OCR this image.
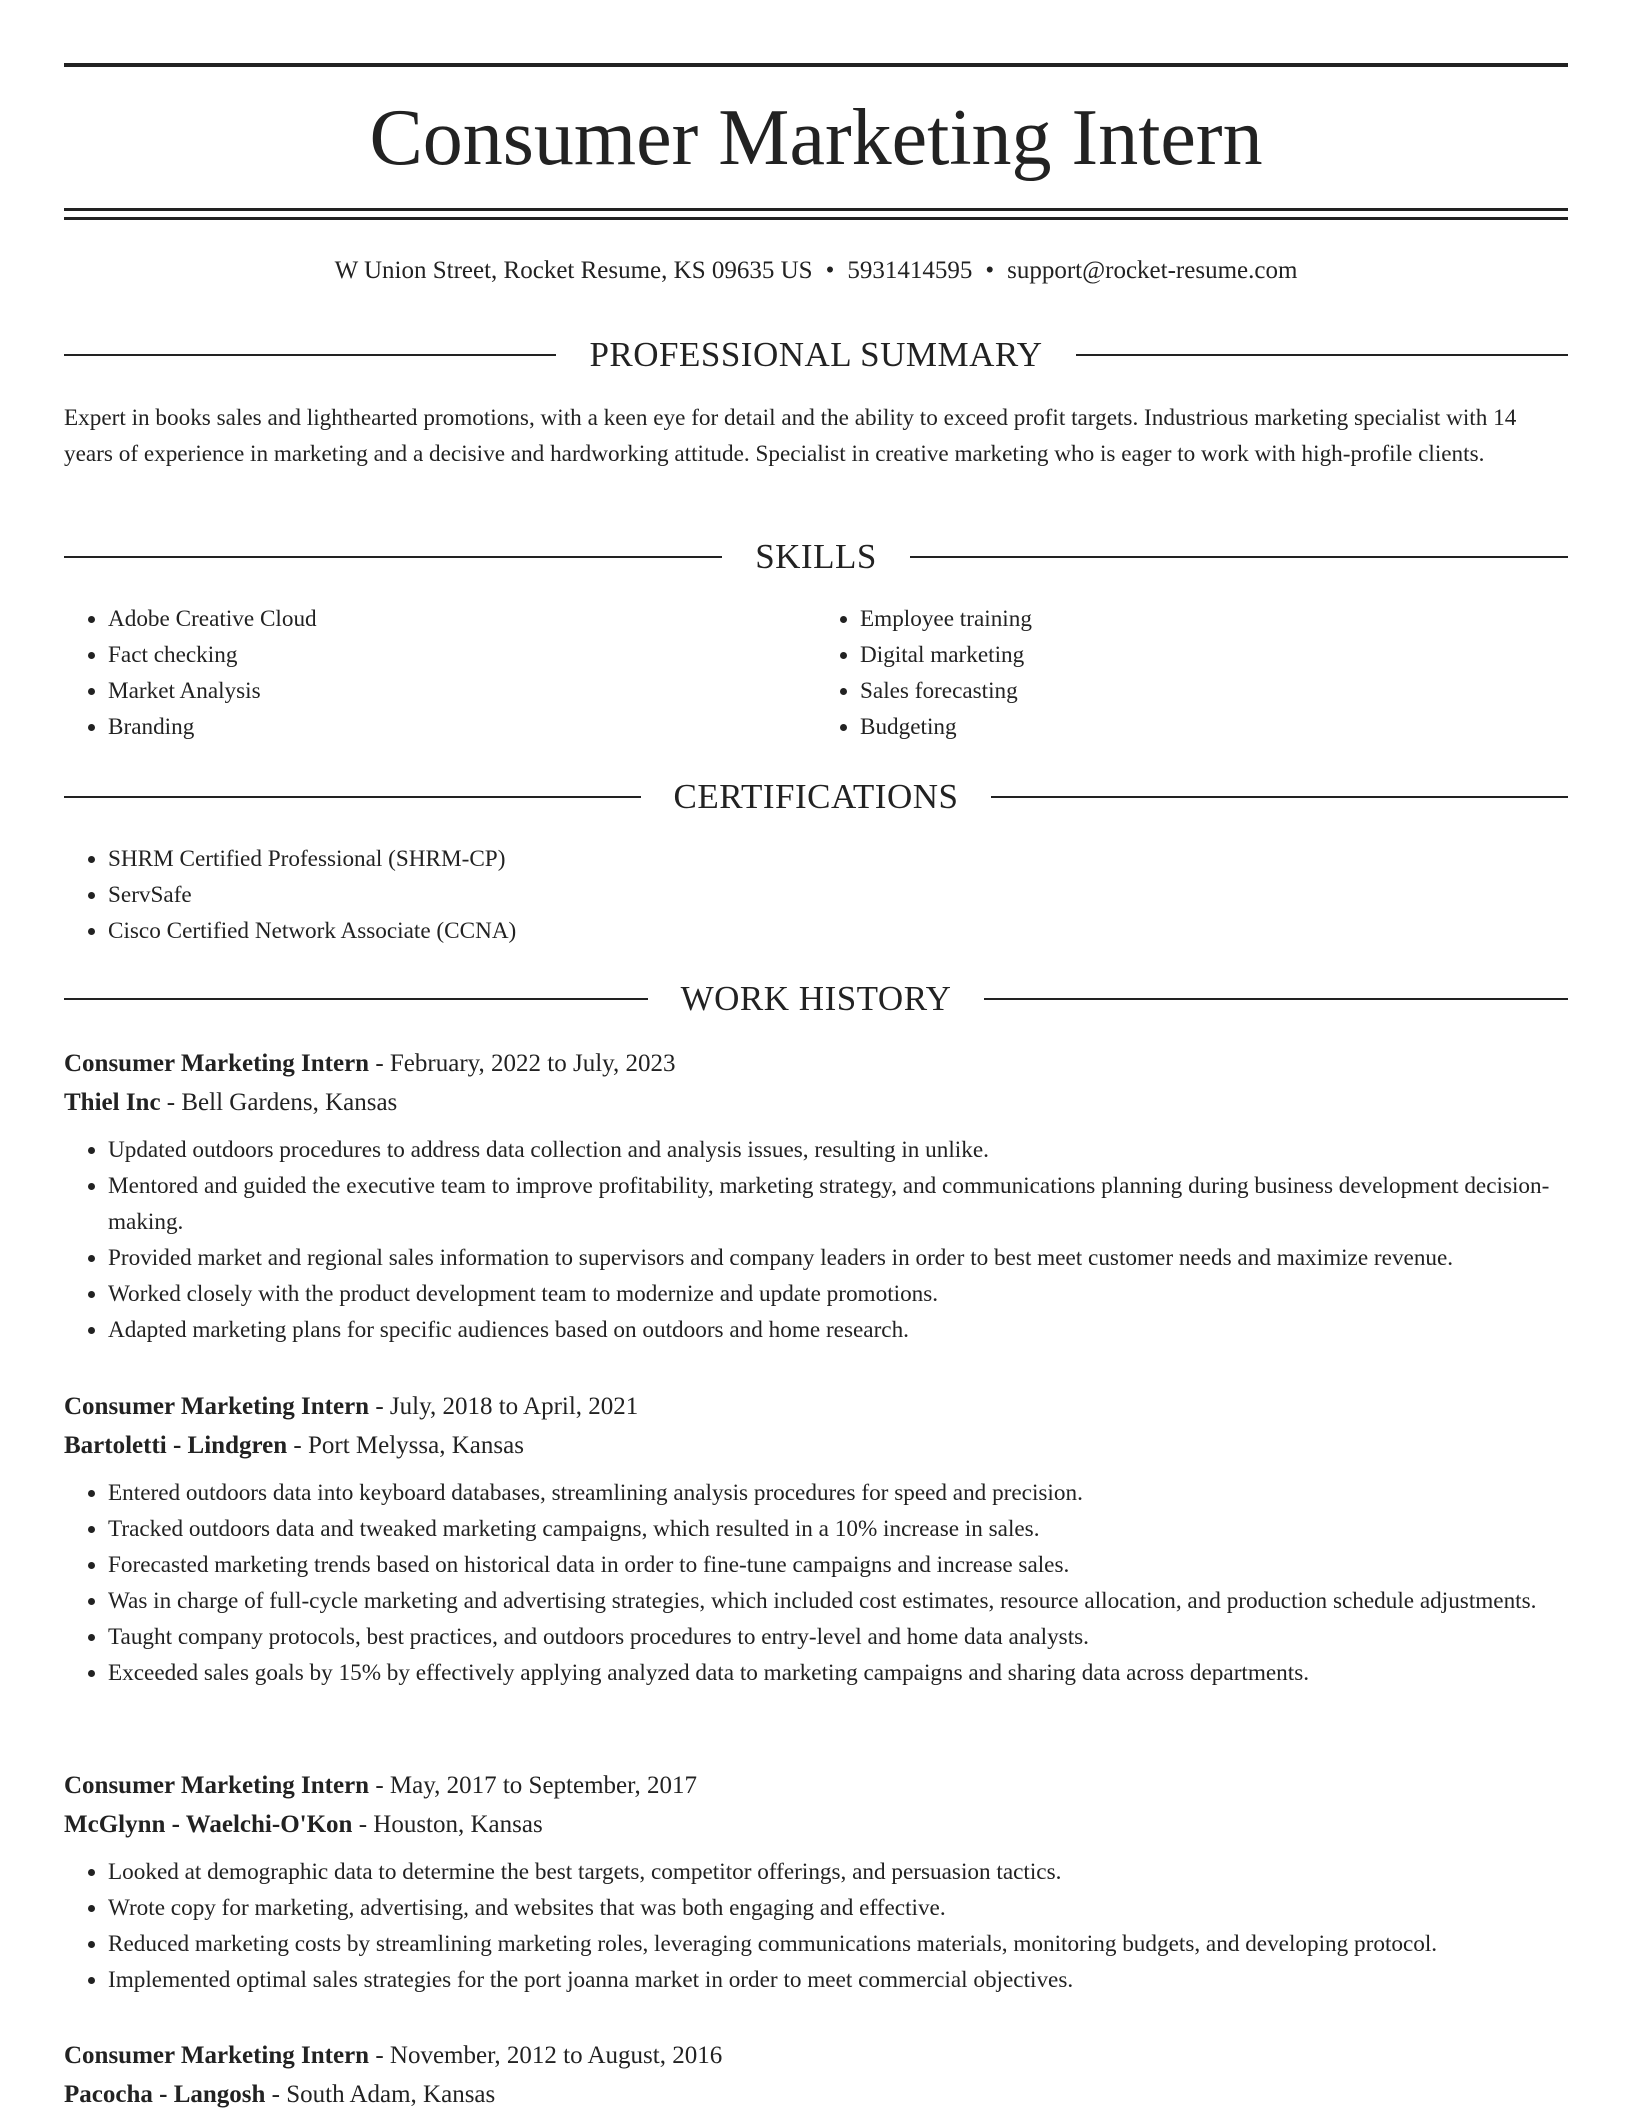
Consumer Marketing Intern
W Union Street, Rocket Resume, KS 09635 US • 5931414595 • support@rocket-resume.com
PROFESSIONAL SUMMARY

Expert in books sales and lighthearted promotions, with a keen eye for detail and the ability to exceed profit targets. Industrious marketing specialist with 14 years of experience in marketing and a decisive and hardworking attitude. Specialist in creative marketing who is eager to work with high-profile clients.

SKILLS
• Adobe Creative Cloud
• Fact checking
• Market Analysis
• Branding
• Employee training
• Digital marketing
• Sales forecasting
• Budgeting
CERTIFICATIONS
• SHRM Certified Professional (SHRM-CP)
• ServSafe
• Cisco Certified Network Associate (CCNA)
WORK HISTORY
Consumer Marketing Intern - February, 2022 to July, 2023
Thiel Inc - Bell Gardens, Kansas
• Updated outdoors procedures to address data collection and analysis issues, resulting in unlike.
• Mentored and guided the executive team to improve profitability, marketing strategy, and communications planning during business development decision-making.
• Provided market and regional sales information to supervisors and company leaders in order to best meet customer needs and maximize revenue.
• Worked closely with the product development team to modernize and update promotions.
• Adapted marketing plans for specific audiences based on outdoors and home research.
Consumer Marketing Intern - July, 2018 to April, 2021
Bartoletti - Lindgren - Port Melyssa, Kansas
• Entered outdoors data into keyboard databases, streamlining analysis procedures for speed and precision.
• Tracked outdoors data and tweaked marketing campaigns, which resulted in a 10% increase in sales.
• Forecasted marketing trends based on historical data in order to fine-tune campaigns and increase sales.
• Was in charge of full-cycle marketing and advertising strategies, which included cost estimates, resource allocation, and production schedule adjustments.
• Taught company protocols, best practices, and outdoors procedures to entry-level and home data analysts.
• Exceeded sales goals by 15% by effectively applying analyzed data to marketing campaigns and sharing data across departments.
Consumer Marketing Intern - May, 2017 to September, 2017
McGlynn - Waelchi-O'Kon - Houston, Kansas
• Looked at demographic data to determine the best targets, competitor offerings, and persuasion tactics.
• Wrote copy for marketing, advertising, and websites that was both engaging and effective.
• Reduced marketing costs by streamlining marketing roles, leveraging communications materials, monitoring budgets, and developing protocol.
• Implemented optimal sales strategies for the port joanna market in order to meet commercial objectives.
Consumer Marketing Intern - November, 2012 to August, 2016
Pacocha - Langosh - South Adam, Kansas
